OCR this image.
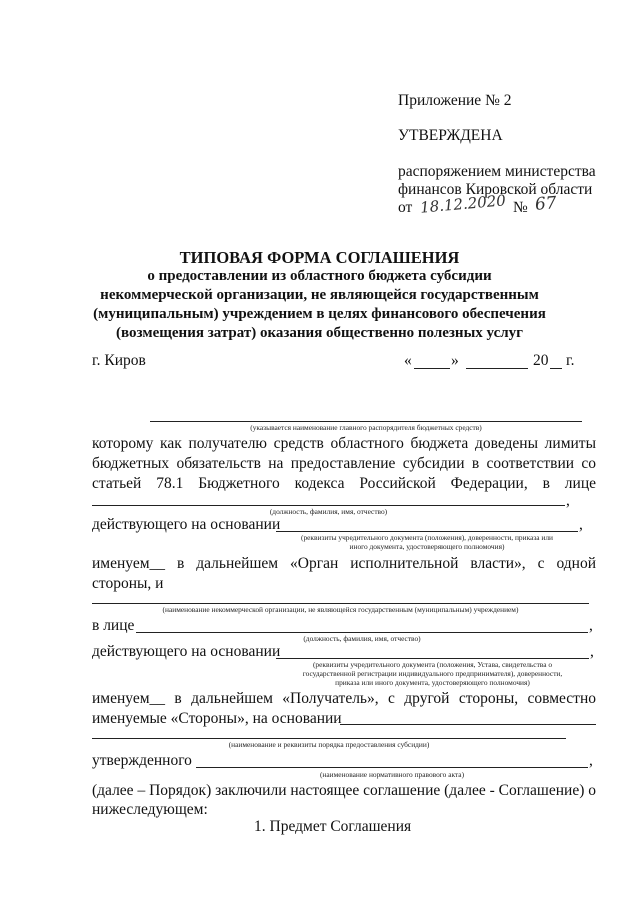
Приложение № 2
УТВЕРЖДЕНА
распоряжением министерства
финансов Кировской области
от 18.12.2020 № 67
ТИПОВАЯ ФОРМА СОГЛАШЕНИЯ
о предоставлении из областного бюджета субсидии
некоммерческой организации, не являющейся государственным
(муниципальным) учреждением в целях финансового обеспечения
(возмещения затрат) оказания общественно полезных услуг
г. Киров	«	»	20 г.
(указывается наименование главного распорядителя бюджетных средств)
которому как получателю средств областного бюджета доведены лимиты
бюджетных обязательств на предоставление субсидии в соответствии со
статьей 78.1 Бюджетного кодекса Российской Федерации, в лице
,
(должность, фамилия, имя, отчество)
действующего на основании	,
(реквизиты учредительного документа (положения), доверенности, приказа или
иного документа, удостоверяющего полномочия)
именуем__ в дальнейшем «Орган исполнительной власти», с одной
стороны, и
(наименование некоммерческой организации, не являющейся государственным (муниципальным) учреждением)
в лице	,
(должность, фамилия, имя, отчество)
действующего на основании	,
(реквизиты учредительного документа (положения, Устава, свидетельства о
государственной регистрации индивидуального предпринимателя), доверенности,
приказа или иного документа, удостоверяющего полномочия)
именуем__ в дальнейшем «Получатель», с другой стороны, совместно
именуемые «Стороны», на основании
(наименование и реквизиты порядка предоставления субсидии)
утвержденного	,
(наименование нормативного правового акта)
(далее – Порядок) заключили настоящее соглашение (далее - Соглашение) о
нижеследующем:
1. Предмет Соглашения
